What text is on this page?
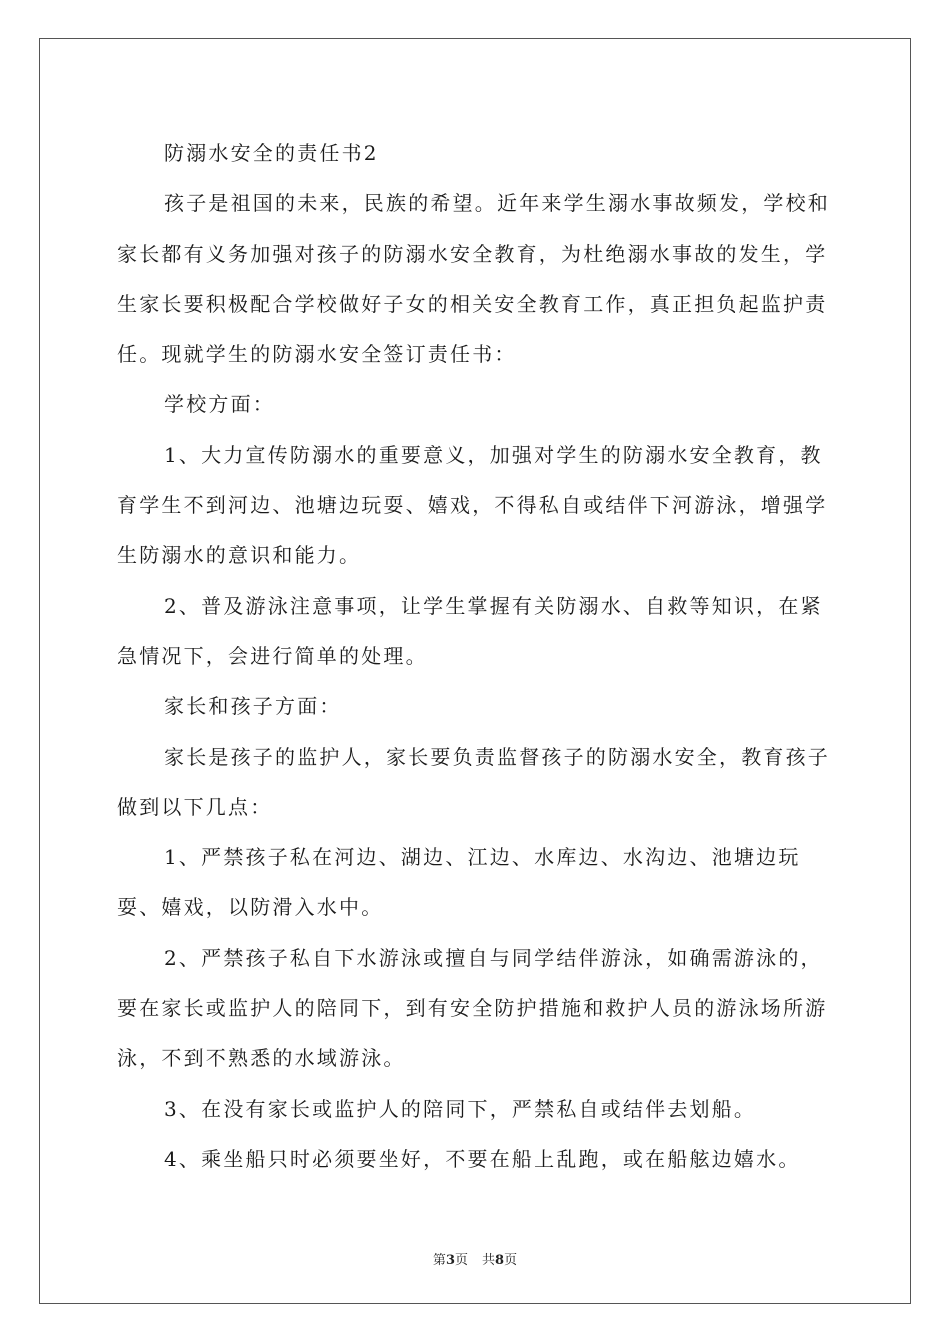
防溺水安全的责任书2

孩子是祖国的未来，民族的希望。近年来学生溺水事故频发，学校和家长都有义务加强对孩子的防溺水安全教育，为杜绝溺水事故的发生，学生家长要积极配合学校做好子女的相关安全教育工作，真正担负起监护责任。现就学生的防溺水安全签订责任书：

学校方面：

1、大力宣传防溺水的重要意义，加强对学生的防溺水安全教育，教育学生不到河边、池塘边玩耍、嬉戏，不得私自或结伴下河游泳，增强学生防溺水的意识和能力。

2、普及游泳注意事项，让学生掌握有关防溺水、自救等知识，在紧急情况下，会进行简单的处理。

家长和孩子方面：

家长是孩子的监护人，家长要负责监督孩子的防溺水安全，教育孩子做到以下几点：

1、严禁孩子私在河边、湖边、江边、水库边、水沟边、池塘边玩耍、嬉戏，以防滑入水中。

2、严禁孩子私自下水游泳或擅自与同学结伴游泳，如确需游泳的，要在家长或监护人的陪同下，到有安全防护措施和救护人员的游泳场所游泳，不到不熟悉的水域游泳。

3、在没有家长或监护人的陪同下，严禁私自或结伴去划船。

4、乘坐船只时必须要坐好，不要在船上乱跑，或在船舷边嬉水。

第3页 共8页
